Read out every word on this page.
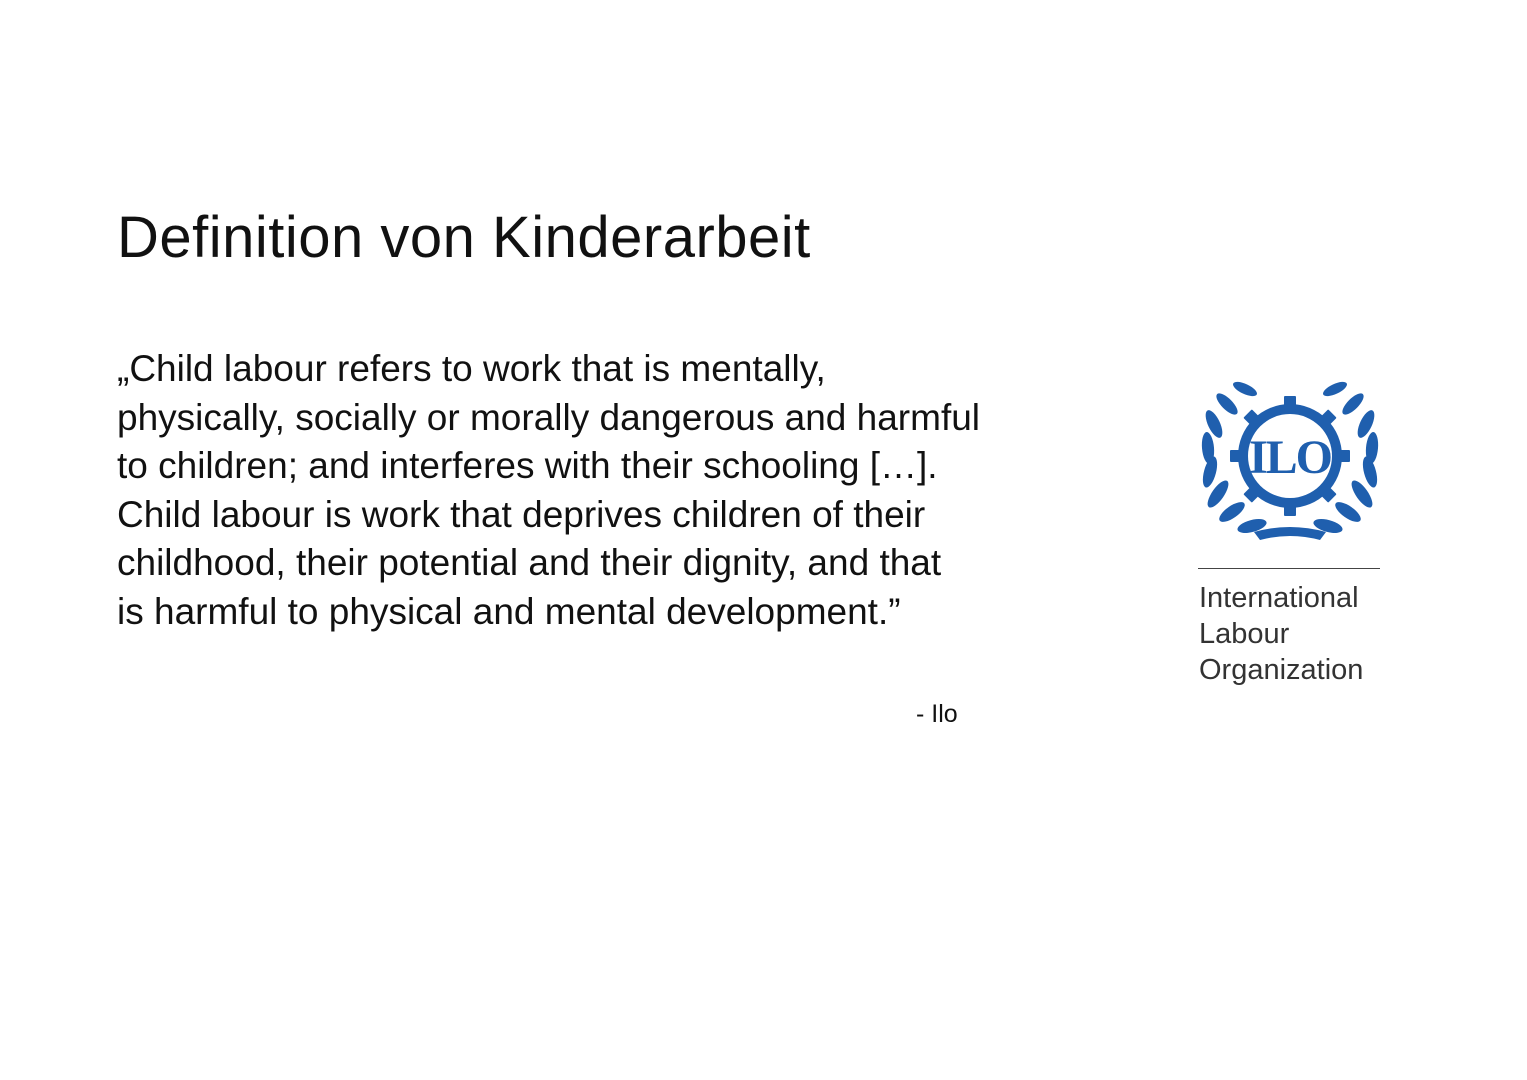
Definition von Kinderarbeit

„Child labour refers to work that is mentally,
physically, socially or morally dangerous and harmful
to children; and interferes with their schooling […].
Child labour is work that deprives children of their
childhood, their potential and their dignity, and that
is harmful to physical and mental development.”

- Ilo
ILO
International
Labour
Organization
